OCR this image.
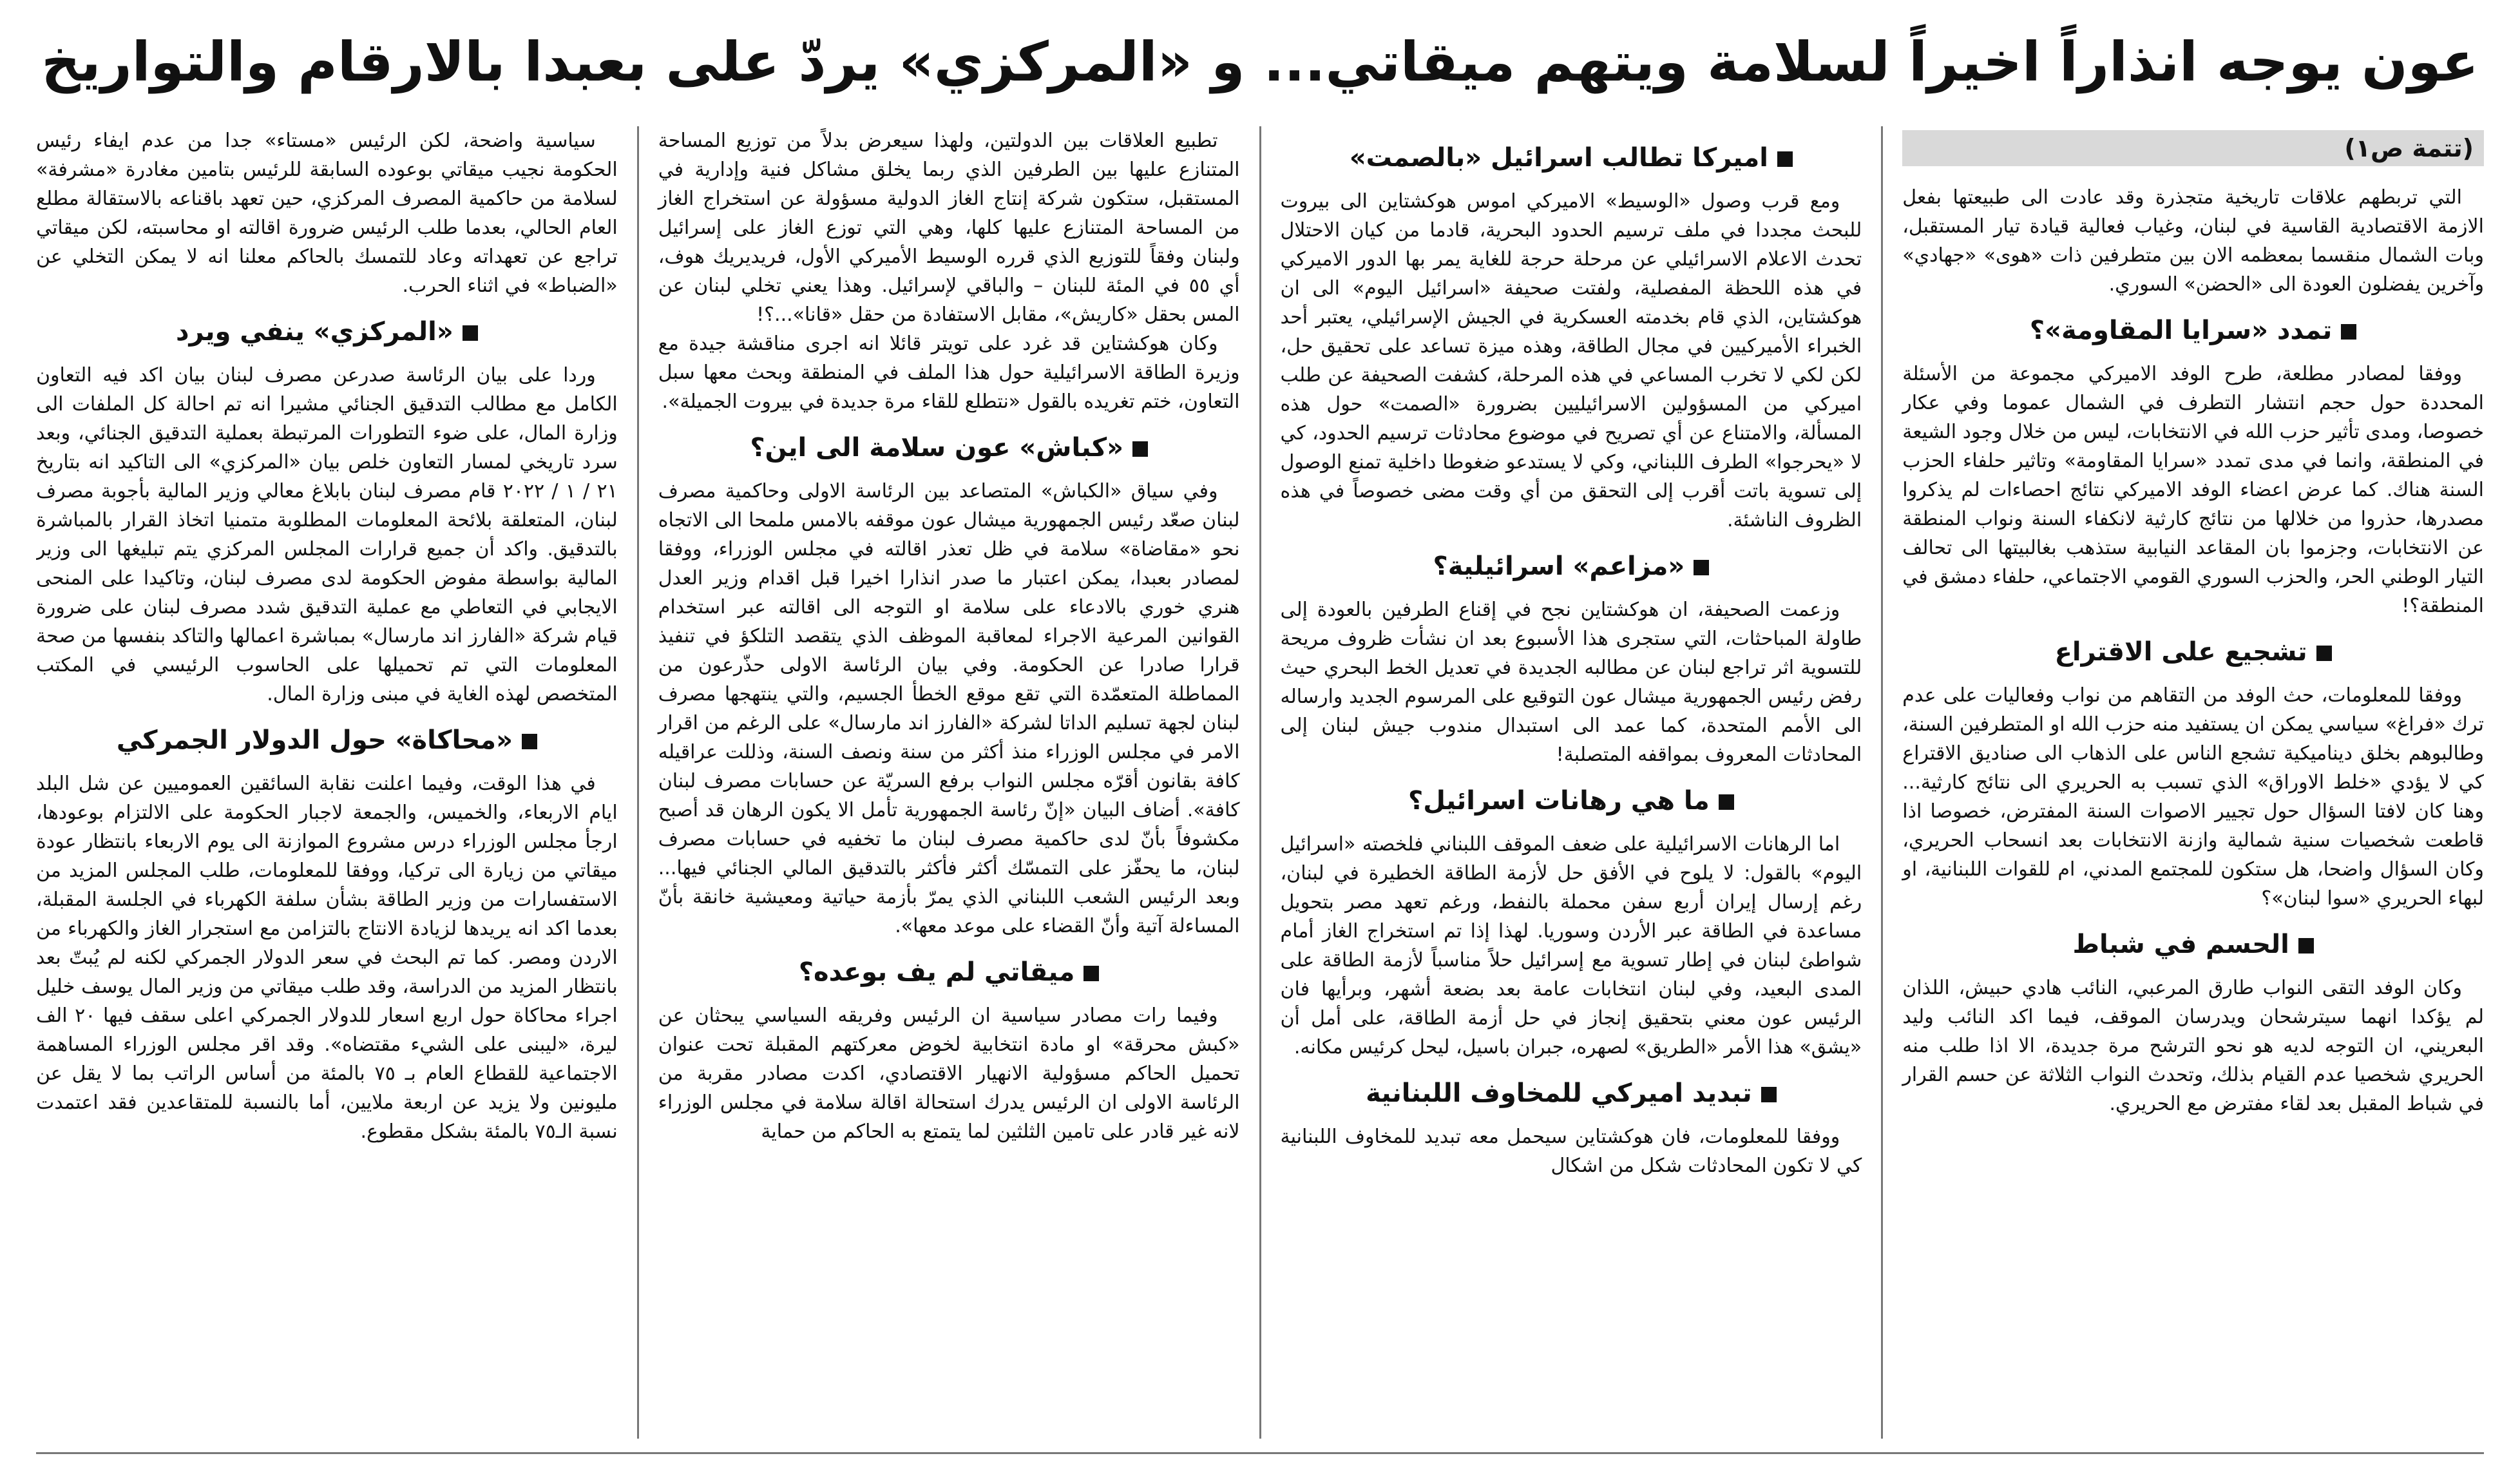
عون يوجه انذاراً اخيراً لسلامة ويتهم ميقاتي... و «المركزي» يردّ على بعبدا بالارقام والتواريخ
(تتمة ص١)

التي تربطهم علاقات تاريخية متجذرة وقد عادت الى طبيعتها بفعل الازمة الاقتصادية القاسية في لبنان، وغياب فعالية قيادة تيار المستقبل، وبات الشمال منقسما بمعظمه الان بين متطرفين ذات «هوى» «جهادي» وآخرين يفضلون العودة الى «الحضن» السوري.

تمدد «سرايا المقاومة»؟

ووفقا لمصادر مطلعة، طرح الوفد الاميركي مجموعة من الأسئلة المحددة حول حجم انتشار التطرف في الشمال عموما وفي عكار خصوصا، ومدى تأثير حزب الله في الانتخابات، ليس من خلال وجود الشيعة في المنطقة، وانما في مدى تمدد «سرايا المقاومة» وتاثير حلفاء الحزب السنة هناك. كما عرض اعضاء الوفد الاميركي نتائج احصاءات لم يذكروا مصدرها، حذروا من خلالها من نتائج كارثية لانكفاء السنة ونواب المنطقة عن الانتخابات، وجزموا بان المقاعد النيابية ستذهب بغالبيتها الى تحالف التيار الوطني الحر، والحزب السوري القومي الاجتماعي، حلفاء دمشق في المنطقة؟!

تشجيع على الاقتراع

ووفقا للمعلومات، حث الوفد من التقاهم من نواب وفعاليات على عدم ترك «فراغ» سياسي يمكن ان يستفيد منه حزب الله او المتطرفين السنة، وطالبوهم بخلق ديناميكية تشجع الناس على الذهاب الى صناديق الاقتراع كي لا يؤدي «خلط الاوراق» الذي تسبب به الحريري الى نتائج كارثية... وهنا كان لافتا السؤال حول تجيير الاصوات السنة المفترض، خصوصا اذا قاطعت شخصيات سنية شمالية وازنة الانتخابات بعد انسحاب الحريري، وكان السؤال واضحا، هل ستكون للمجتمع المدني، ام للقوات اللبنانية، او لبهاء الحريري «سوا لبنان»؟

الحسم في شباط

وكان الوفد التقى النواب طارق المرعبي، النائب هادي حبيش، اللذان لم يؤكدا انهما سيترشحان ويدرسان الموقف، فيما اكد النائب وليد البعريني، ان التوجه لديه هو نحو الترشح مرة جديدة، الا اذا طلب منه الحريري شخصيا عدم القيام بذلك، وتحدث النواب الثلاثة عن حسم القرار في شباط المقبل بعد لقاء مفترض مع الحريري.

اميركا تطالب اسرائيل «بالصمت»

ومع قرب وصول «الوسيط» الاميركي اموس هوكشتاين الى بيروت للبحث مجددا في ملف ترسيم الحدود البحرية، قادما من كيان الاحتلال تحدث الاعلام الاسرائيلي عن مرحلة حرجة للغاية يمر بها الدور الاميركي في هذه اللحظة المفصلية، ولفتت صحيفة «اسرائيل اليوم» الى ان هوكشتاين، الذي قام بخدمته العسكرية في الجيش الإسرائيلي، يعتبر أحد الخبراء الأميركيين في مجال الطاقة، وهذه ميزة تساعد على تحقيق حل، لكن لكي لا تخرب المساعي في هذه المرحلة، كشفت الصحيفة عن طلب اميركي من المسؤولين الاسرائيليين بضرورة «الصمت» حول هذه المسألة، والامتناع عن أي تصريح في موضوع محادثات ترسيم الحدود، كي لا «يحرجوا» الطرف اللبناني، وكي لا يستدعو ضغوطا داخلية تمنع الوصول إلى تسوية باتت أقرب إلى التحقق من أي وقت مضى خصوصاً في هذه الظروف الناشئة.

«مزاعم» اسرائيلية؟

وزعمت الصحيفة، ان هوكشتاين نجح في إقناع الطرفين بالعودة إلى طاولة المباحثات، التي ستجرى هذا الأسبوع بعد ان نشأت ظروف مريحة للتسوية اثر تراجع لبنان عن مطالبه الجديدة في تعديل الخط البحري حيث رفض رئيس الجمهورية ميشال عون التوقيع على المرسوم الجديد وارساله الى الأمم المتحدة، كما عمد الى استبدال مندوب جيش لبنان إلى المحادثات المعروف بمواقفه المتصلبة!

ما هي رهانات اسرائيل؟

اما الرهانات الاسرائيلية على ضعف الموقف اللبناني فلخصته «اسرائيل اليوم» بالقول: لا يلوح في الأفق حل لأزمة الطاقة الخطيرة في لبنان، رغم إرسال إيران أربع سفن محملة بالنفط، ورغم تعهد مصر بتحويل مساعدة في الطاقة عبر الأردن وسوريا. لهذا إذا تم استخراج الغاز أمام شواطئ لبنان في إطار تسوية مع إسرائيل حلاً مناسباً لأزمة الطاقة على المدى البعيد، وفي لبنان انتخابات عامة بعد بضعة أشهر، وبرأيها فان الرئيس عون معني بتحقيق إنجاز في حل أزمة الطاقة، على أمل أن «يشق» هذا الأمر «الطريق» لصهره، جبران باسيل، ليحل كرئيس مكانه.

تبديد اميركي للمخاوف اللبنانية

ووفقا للمعلومات، فان هوكشتاين سيحمل معه تبديد للمخاوف اللبنانية كي لا تكون المحادثات شكل من اشكال

تطبيع العلاقات بين الدولتين، ولهذا سيعرض بدلاً من توزيع المساحة المتنازع عليها بين الطرفين الذي ربما يخلق مشاكل فنية وإدارية في المستقبل، ستكون شركة إنتاج الغاز الدولية مسؤولة عن استخراج الغاز من المساحة المتنازع عليها كلها، وهي التي توزع الغاز على إسرائيل ولبنان وفقاً للتوزيع الذي قرره الوسيط الأميركي الأول، فريديريك هوف، أي ٥٥ في المئة للبنان – والباقي لإسرائيل. وهذا يعني تخلي لبنان عن المس بحقل «كاريش»، مقابل الاستفادة من حقل «قانا»...؟!

وكان هوكشتاين قد غرد على تويتر قائلا انه اجرى مناقشة جيدة مع وزيرة الطاقة الاسرائيلية حول هذا الملف في المنطقة وبحث معها سبل التعاون، ختم تغريده بالقول «نتطلع للقاء مرة جديدة في بيروت الجميلة».

«كباش» عون سلامة الى اين؟

وفي سياق «الكباش» المتصاعد بين الرئاسة الاولى وحاكمية مصرف لبنان صعّد رئيس الجمهورية ميشال عون موقفه بالامس ملمحا الى الاتجاه نحو «مقاضاة» سلامة في ظل تعذر اقالته في مجلس الوزراء، ووفقا لمصادر بعبدا، يمكن اعتبار ما صدر انذارا اخيرا قبل اقدام وزير العدل هنري خوري بالادعاء على سلامة او التوجه الى اقالته عبر استخدام القوانين المرعية الاجراء لمعاقبة الموظف الذي يتقصد التلكؤ في تنفيذ قرارا صادرا عن الحكومة. وفي بيان الرئاسة الاولى حذّرعون من المماطلة المتعمّدة التي تقع موقع الخطأ الجسيم، والتي ينتهجها مصرف لبنان لجهة تسليم الداتا لشركة «الفارز اند مارسال» على الرغم من اقرار الامر في مجلس الوزراء منذ أكثر من سنة ونصف السنة، وذللت عراقيله كافة بقانون أقرّه مجلس النواب برفع السريّة عن حسابات مصرف لبنان كافة». أضاف البيان «إنّ رئاسة الجمهورية تأمل الا يكون الرهان قد أصبح مكشوفاً بأنّ لدى حاكمية مصرف لبنان ما تخفيه في حسابات مصرف لبنان، ما يحفّز على التمسّك أكثر فأكثر بالتدقيق المالي الجنائي فيها... وبعد الرئيس الشعب اللبناني الذي يمرّ بأزمة حياتية ومعيشية خانقة بأنّ المساءلة آتية وأنّ القضاء على موعد معها».

ميقاتي لم يف بوعده؟

وفيما رات مصادر سياسية ان الرئيس وفريقه السياسي يبحثان عن «كبش محرقة» او مادة انتخابية لخوض معركتهم المقبلة تحت عنوان تحميل الحاكم مسؤولية الانهيار الاقتصادي، اكدت مصادر مقربة من الرئاسة الاولى ان الرئيس يدرك استحالة اقالة سلامة في مجلس الوزراء لانه غير قادر على تامين الثلثين لما يتمتع به الحاكم من حماية

سياسية واضحة، لكن الرئيس «مستاء» جدا من عدم ايفاء رئيس الحكومة نجيب ميقاتي بوعوده السابقة للرئيس بتامين مغادرة «مشرفة» لسلامة من حاكمية المصرف المركزي، حين تعهد باقناعه بالاستقالة مطلع العام الحالي، بعدما طلب الرئيس ضرورة اقالته او محاسبته، لكن ميقاتي تراجع عن تعهداته وعاد للتمسك بالحاكم معلنا انه لا يمكن التخلي عن «الضباط» في اثناء الحرب.

«المركزي» ينفي ويرد

وردا على بيان الرئاسة صدرعن مصرف لبنان بيان اكد فيه التعاون الكامل مع مطالب التدقيق الجنائي مشيرا انه تم احالة كل الملفات الى وزارة المال، على ضوء التطورات المرتبطة بعملية التدقيق الجنائي، وبعد سرد تاريخي لمسار التعاون خلص بيان «المركزي» الى التاكيد انه بتاريخ ٢١ / ١ / ٢٠٢٢ قام مصرف لبنان بابلاغ معالي وزير المالية بأجوبة مصرف لبنان، المتعلقة بلائحة المعلومات المطلوبة متمنيا اتخاذ القرار بالمباشرة بالتدقيق. واكد أن جميع قرارات المجلس المركزي يتم تبليغها الى وزير المالية بواسطة مفوض الحكومة لدى مصرف لبنان، وتاكيدا على المنحى الايجابي في التعاطي مع عملية التدقيق شدد مصرف لبنان على ضرورة قيام شركة «الفارز اند مارسال» بمباشرة اعمالها والتاكد بنفسها من صحة المعلومات التي تم تحميلها على الحاسوب الرئيسي في المكتب المتخصص لهذه الغاية في مبنى وزارة المال.

«محاكاة» حول الدولار الجمركي

في هذا الوقت، وفيما اعلنت نقابة السائقين العموميين عن شل البلد ايام الاربعاء، والخميس، والجمعة لاجبار الحكومة على الالتزام بوعودها، ارجأ مجلس الوزراء درس مشروع الموازنة الى يوم الاربعاء بانتظار عودة ميقاتي من زيارة الى تركيا، ووفقا للمعلومات، طلب المجلس المزيد من الاستفسارات من وزير الطاقة بشأن سلفة الكهرباء في الجلسة المقبلة، بعدما اكد انه يريدها لزيادة الانتاج بالتزامن مع استجرار الغاز والكهرباء من الاردن ومصر. كما تم البحث في سعر الدولار الجمركي لكنه لم يُبتّ بعد بانتظار المزيد من الدراسة، وقد طلب ميقاتي من وزير المال يوسف خليل اجراء محاكاة حول اربع اسعار للدولار الجمركي اعلى سقف فيها ٢٠ الف ليرة، «ليبنى على الشيء مقتضاه». وقد اقر مجلس الوزراء المساهمة الاجتماعية للقطاع العام بـ ٧٥ بالمئة من أساس الراتب بما لا يقل عن مليونين ولا يزيد عن اربعة ملايين، أما بالنسبة للمتقاعدين فقد اعتمدت نسبة الـ٧٥ بالمئة بشكل مقطوع.
